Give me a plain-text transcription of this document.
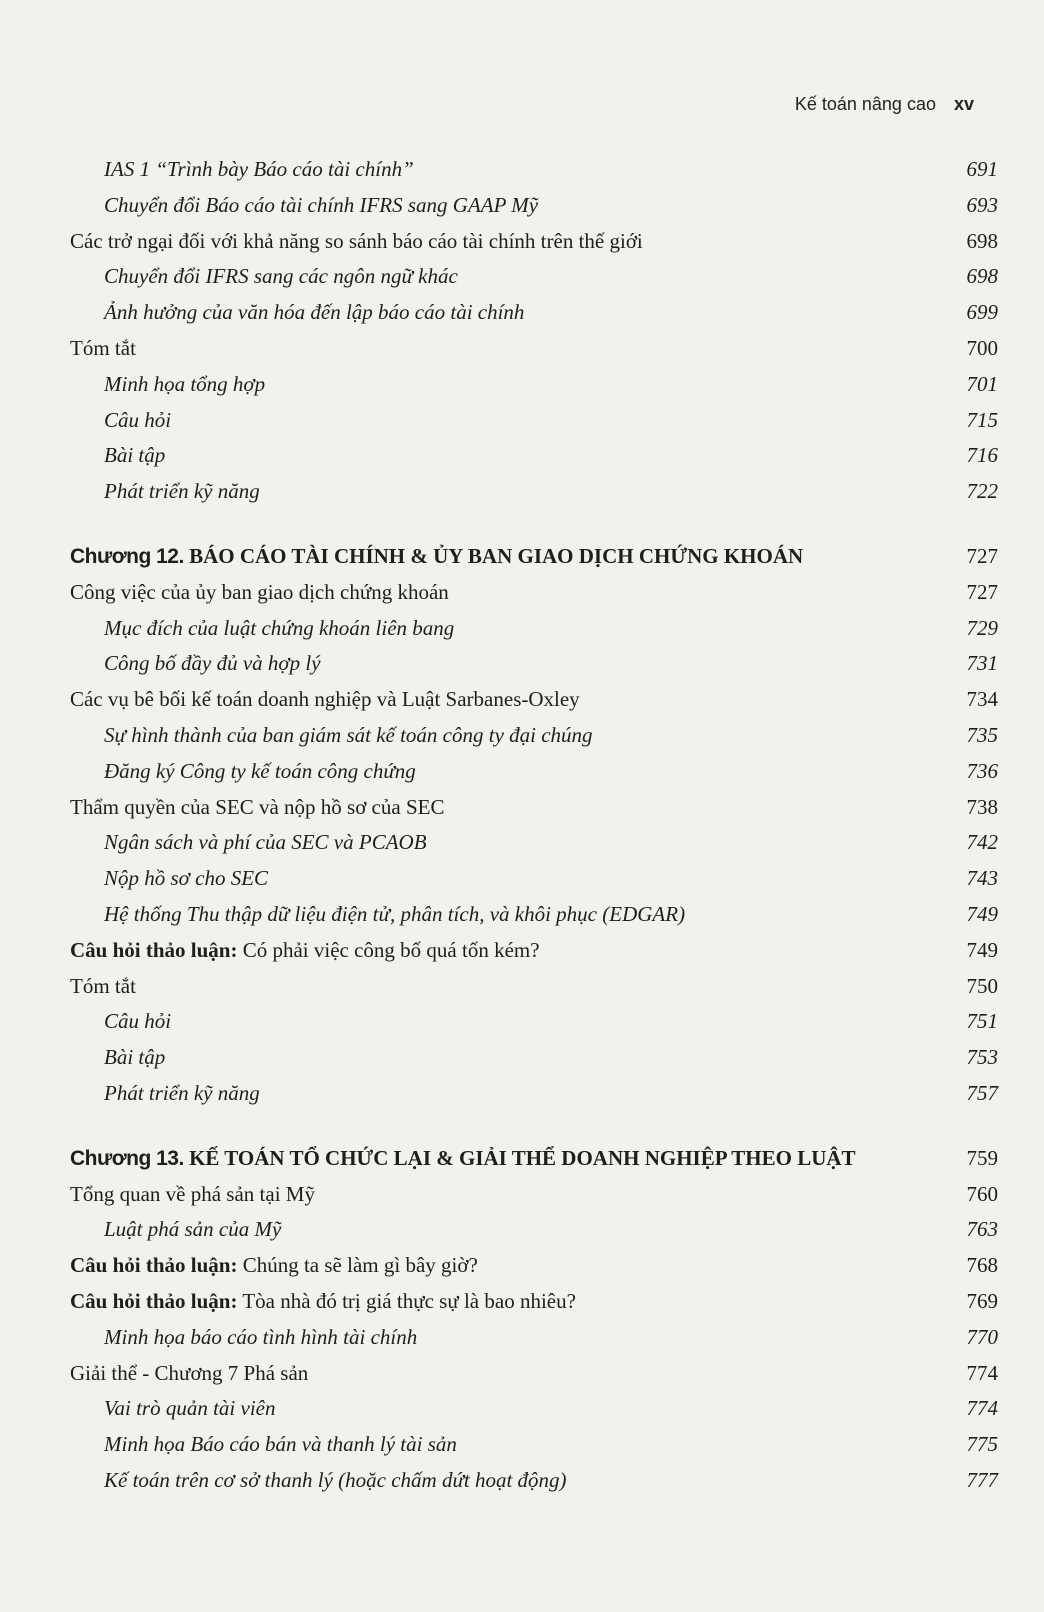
Kế toán nâng cao xv
IAS 1 “Trình bày Báo cáo tài chính”	691
Chuyển đổi Báo cáo tài chính IFRS sang GAAP Mỹ	693
Các trở ngại đối với khả năng so sánh báo cáo tài chính trên thế giới	698
Chuyển đổi IFRS sang các ngôn ngữ khác	698
Ảnh hưởng của văn hóa đến lập báo cáo tài chính	699
Tóm tắt	700
Minh họa tổng hợp	701
Câu hỏi	715
Bài tập	716
Phát triển kỹ năng	722
Chương 12. BÁO CÁO TÀI CHÍNH & ỦY BAN GIAO DỊCH CHỨNG KHOÁN	727
Công việc của ủy ban giao dịch chứng khoán	727
Mục đích của luật chứng khoán liên bang	729
Công bố đầy đủ và hợp lý	731
Các vụ bê bối kế toán doanh nghiệp và Luật Sarbanes-Oxley	734
Sự hình thành của ban giám sát kế toán công ty đại chúng	735
Đăng ký Công ty kế toán công chứng	736
Thẩm quyền của SEC và nộp hồ sơ của SEC	738
Ngân sách và phí của SEC và PCAOB	742
Nộp hồ sơ cho SEC	743
Hệ thống Thu thập dữ liệu điện tử, phân tích, và khôi phục (EDGAR)	749
Câu hỏi thảo luận: Có phải việc công bố quá tốn kém?	749
Tóm tắt	750
Câu hỏi	751
Bài tập	753
Phát triển kỹ năng	757
Chương 13. KẾ TOÁN TỔ CHỨC LẠI & GIẢI THỂ DOANH NGHIỆP THEO LUẬT	759
Tổng quan về phá sản tại Mỹ	760
Luật phá sản của Mỹ	763
Câu hỏi thảo luận: Chúng ta sẽ làm gì bây giờ?	768
Câu hỏi thảo luận: Tòa nhà đó trị giá thực sự là bao nhiêu?	769
Minh họa báo cáo tình hình tài chính	770
Giải thể - Chương 7 Phá sản	774
Vai trò quản tài viên	774
Minh họa Báo cáo bán và thanh lý tài sản	775
Kế toán trên cơ sở thanh lý (hoặc chấm dứt hoạt động)	777
